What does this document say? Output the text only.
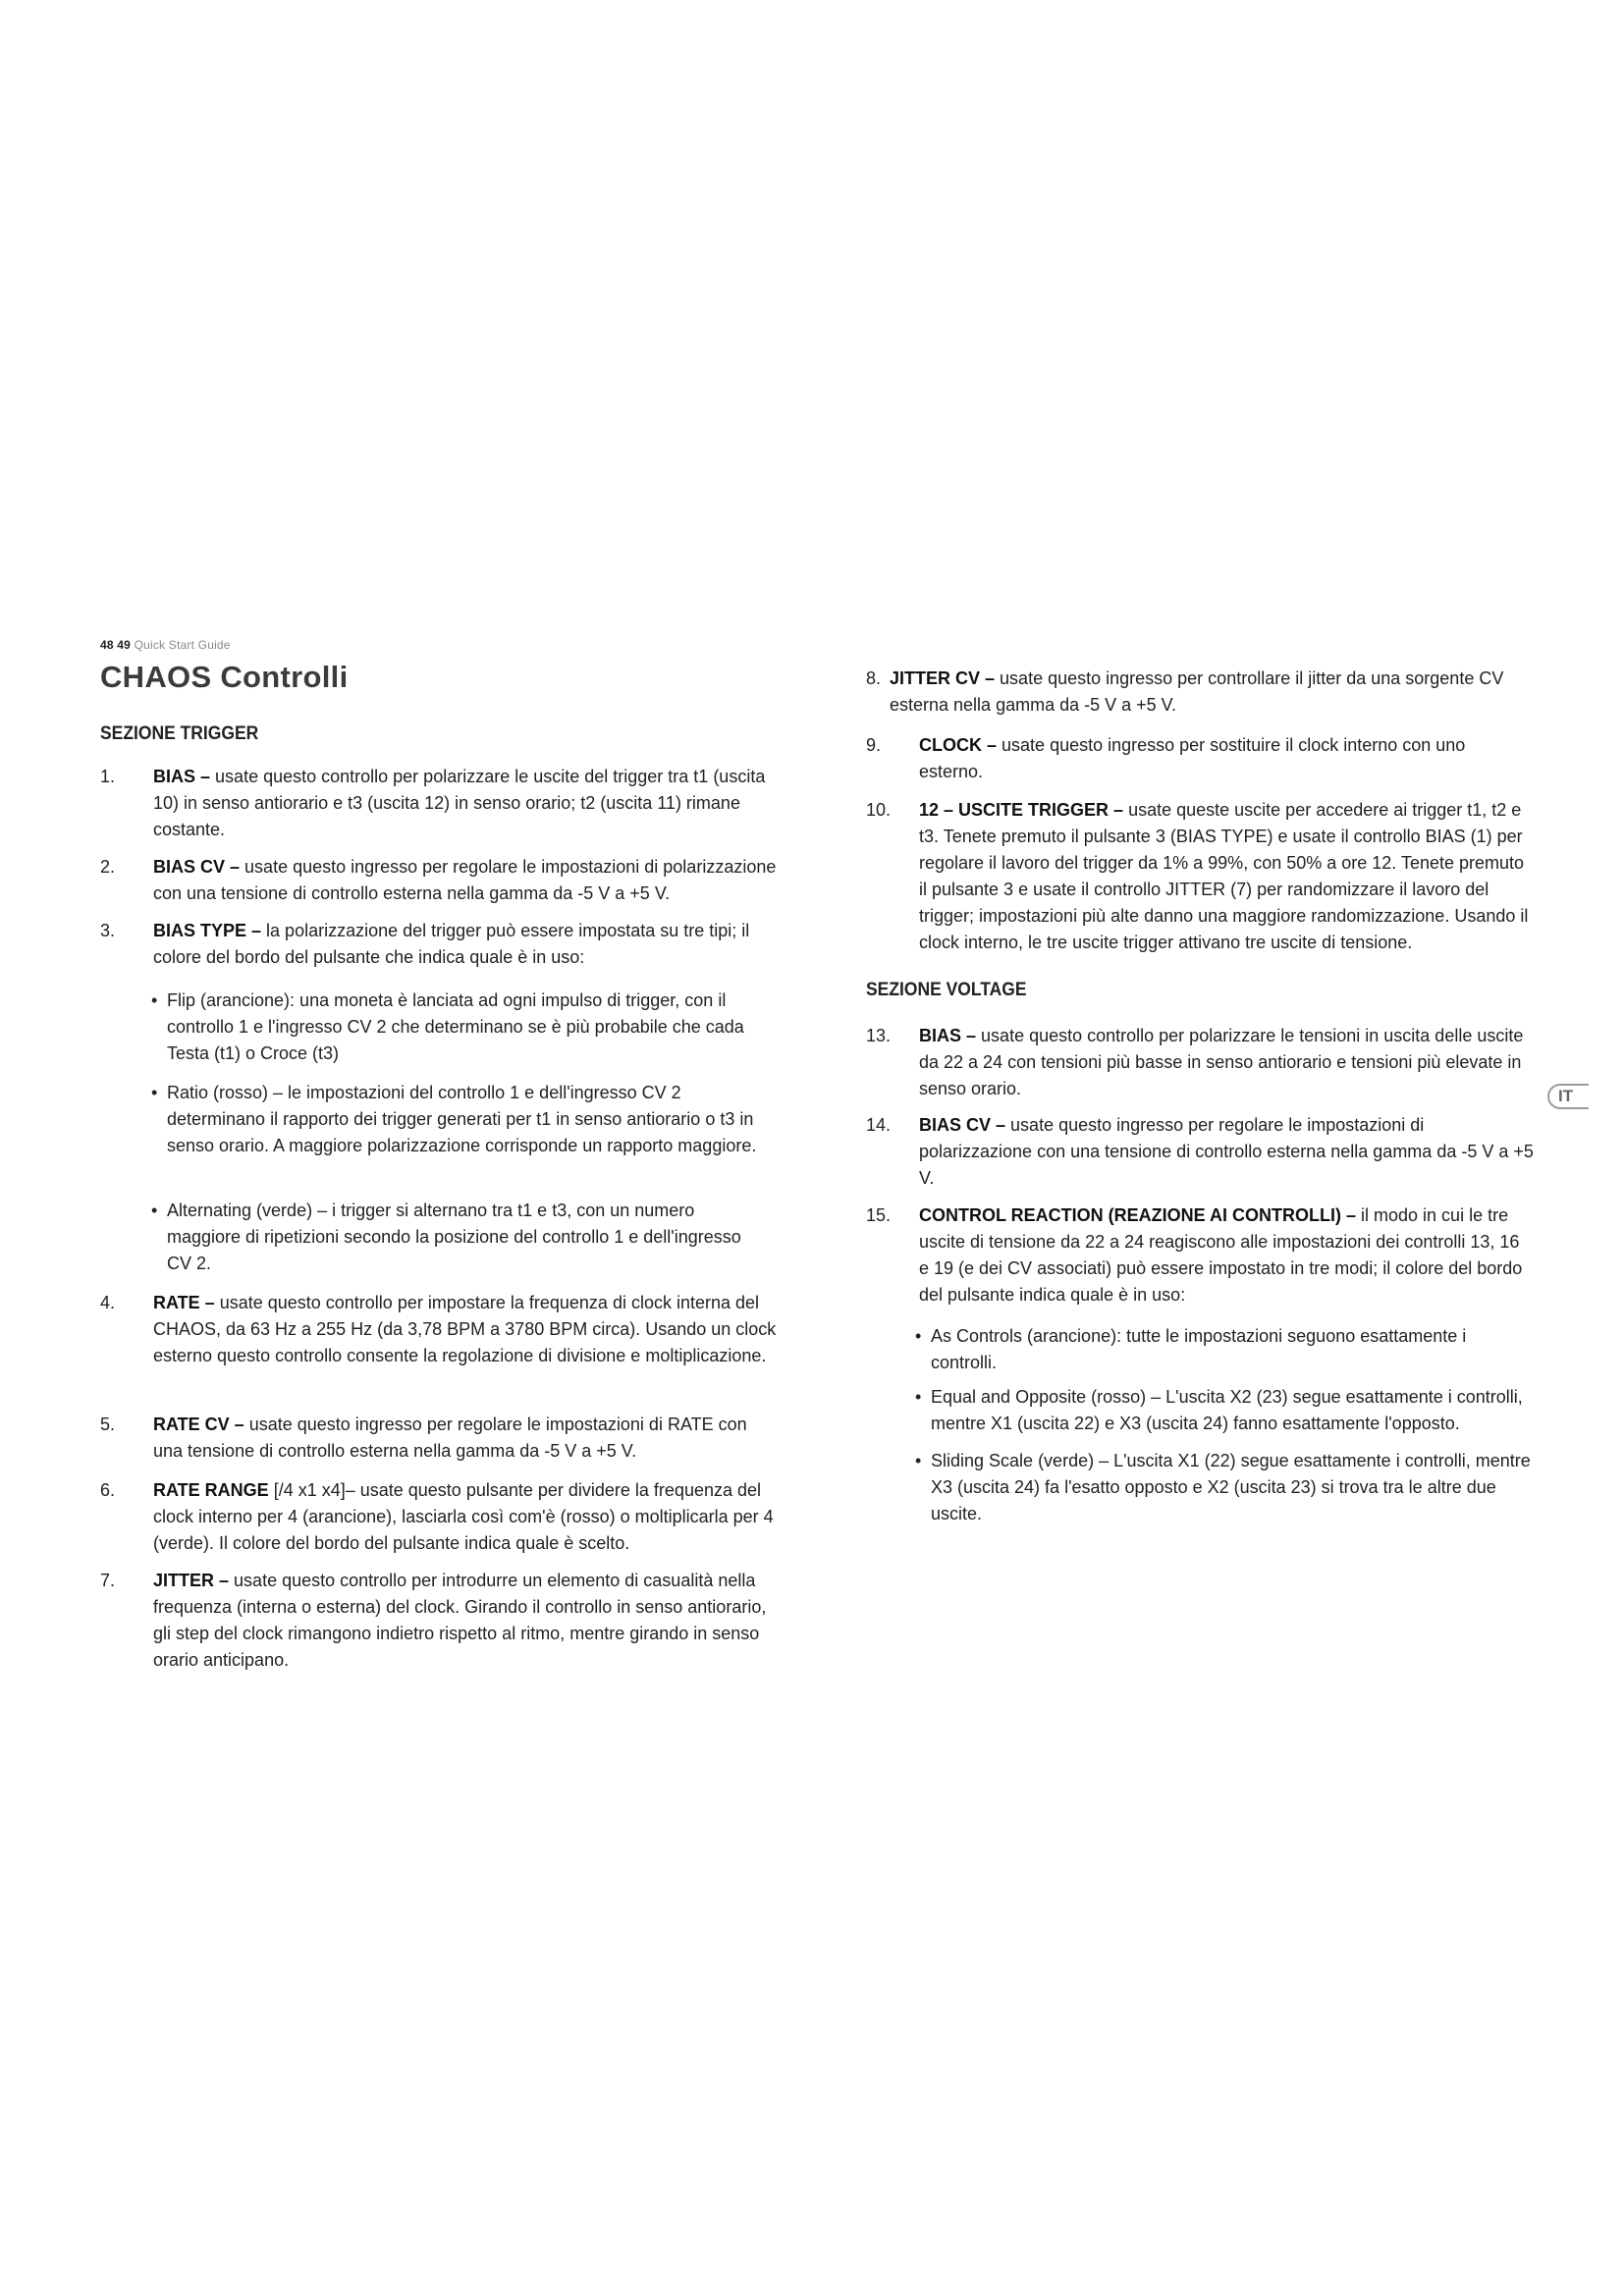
48 49 Quick Start Guide
CHAOS Controlli
SEZIONE TRIGGER
1. BIAS – usate questo controllo per polarizzare le uscite del trigger tra t1 (uscita 10) in senso antiorario e t3 (uscita 12) in senso orario; t2 (uscita 11) rimane costante.
2. BIAS CV – usate questo ingresso per regolare le impostazioni di polarizzazione con una tensione di controllo esterna nella gamma da -5 V a +5 V.
3. BIAS TYPE – la polarizzazione del trigger può essere impostata su tre tipi; il colore del bordo del pulsante che indica quale è in uso:
• Flip (arancione): una moneta è lanciata ad ogni impulso di trigger, con il controllo 1 e l'ingresso CV 2 che determinano se è più probabile che cada Testa (t1) o Croce (t3)
• Ratio (rosso) – le impostazioni del controllo 1 e dell'ingresso CV 2 determinano il rapporto dei trigger generati per t1 in senso antiorario o t3 in senso orario. A maggiore polarizzazione corrisponde un rapporto maggiore.
• Alternating (verde) – i trigger si alternano tra t1 e t3, con un numero maggiore di ripetizioni secondo la posizione del controllo 1 e dell'ingresso CV 2.
4. RATE – usate questo controllo per impostare la frequenza di clock interna del CHAOS, da 63 Hz a 255 Hz (da 3,78 BPM a 3780 BPM circa). Usando un clock esterno questo controllo consente la regolazione di divisione e moltiplicazione.
5. RATE CV – usate questo ingresso per regolare le impostazioni di RATE con una tensione di controllo esterna nella gamma da -5 V a +5 V.
6. RATE RANGE [/4 x1 x4]– usate questo pulsante per dividere la frequenza del clock interno per 4 (arancione), lasciarla così com'è (rosso) o moltiplicarla per 4 (verde). Il colore del bordo del pulsante indica quale è scelto.
7. JITTER – usate questo controllo per introdurre un elemento di casualità nella frequenza (interna o esterna) del clock. Girando il controllo in senso antiorario, gli step del clock rimangono indietro rispetto al ritmo, mentre girando in senso orario anticipano.
8. JITTER CV – usate questo ingresso per controllare il jitter da una sorgente CV esterna nella gamma da -5 V a +5 V.
9. CLOCK – usate questo ingresso per sostituire il clock interno con uno esterno.
10. 12 – USCITE TRIGGER – usate queste uscite per accedere ai trigger t1, t2 e t3. Tenete premuto il pulsante 3 (BIAS TYPE) e usate il controllo BIAS (1) per regolare il lavoro del trigger da 1% a 99%, con 50% a ore 12. Tenete premuto il pulsante 3 e usate il controllo JITTER (7) per randomizzare il lavoro del trigger; impostazioni più alte danno una maggiore randomizzazione. Usando il clock interno, le tre uscite trigger attivano tre uscite di tensione.
SEZIONE VOLTAGE
13. BIAS – usate questo controllo per polarizzare le tensioni in uscita delle uscite da 22 a 24 con tensioni più basse in senso antiorario e tensioni più elevate in senso orario.
14. BIAS CV – usate questo ingresso per regolare le impostazioni di polarizzazione con una tensione di controllo esterna nella gamma da -5 V a +5 V.
15. CONTROL REACTION (REAZIONE AI CONTROLLI) – il modo in cui le tre uscite di tensione da 22 a 24 reagiscono alle impostazioni dei controlli 13, 16 e 19 (e dei CV associati) può essere impostato in tre modi; il colore del bordo del pulsante indica quale è in uso:
• As Controls (arancione): tutte le impostazioni seguono esattamente i controlli.
• Equal and Opposite (rosso) – L'uscita X2 (23) segue esattamente i controlli, mentre X1 (uscita 22) e X3 (uscita 24) fanno esattamente l'opposto.
• Sliding Scale (verde) – L'uscita X1 (22) segue esattamente i controlli, mentre X3 (uscita 24) fa l'esatto opposto e X2 (uscita 23) si trova tra le altre due uscite.
IT
